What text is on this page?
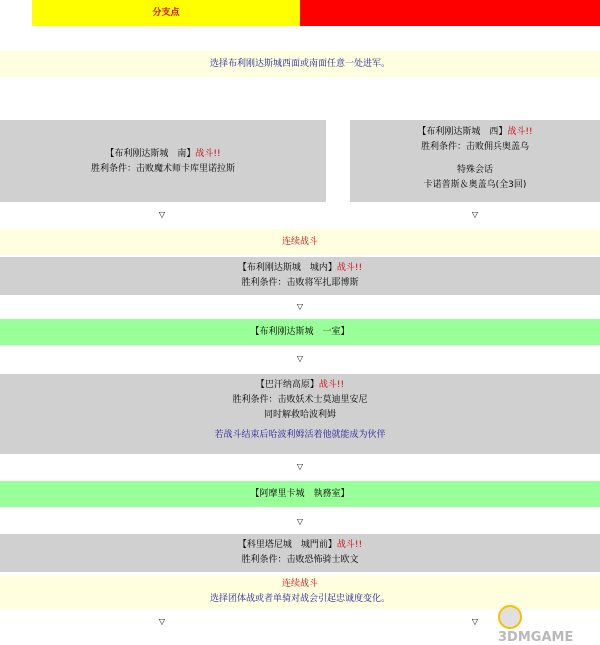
分支点
选择布利刚达斯城西面或南面任意一处进军。
【布利刚达斯城　南】战斗!!
胜利条件：击败魔术师卡库里诺拉斯
【布利刚达斯城　西】战斗!!
胜利条件：击败佣兵奥盖乌
特殊会话
卡诺普斯＆奥盖乌(全3回)
▽	▽
连续战斗
【布利刚达斯城　城内】战斗!!
胜利条件：击败将军扎耶博斯
▽
【布利刚达斯城　一室】
▽
【巴汗纳高原】战斗!!
胜利条件：击败妖术士莫迪里安尼
同时解救哈波利姆
若战斗结束后哈波利姆活着他就能成为伙伴
▽
【阿摩里卡城　執務室】
▽
【科里塔尼城　城門前】战斗!!
胜利条件：击败恐怖骑士欧文
连续战斗
选择团体战或者单骑对战会引起忠诚度变化。
▽	▽
3DMGAME
